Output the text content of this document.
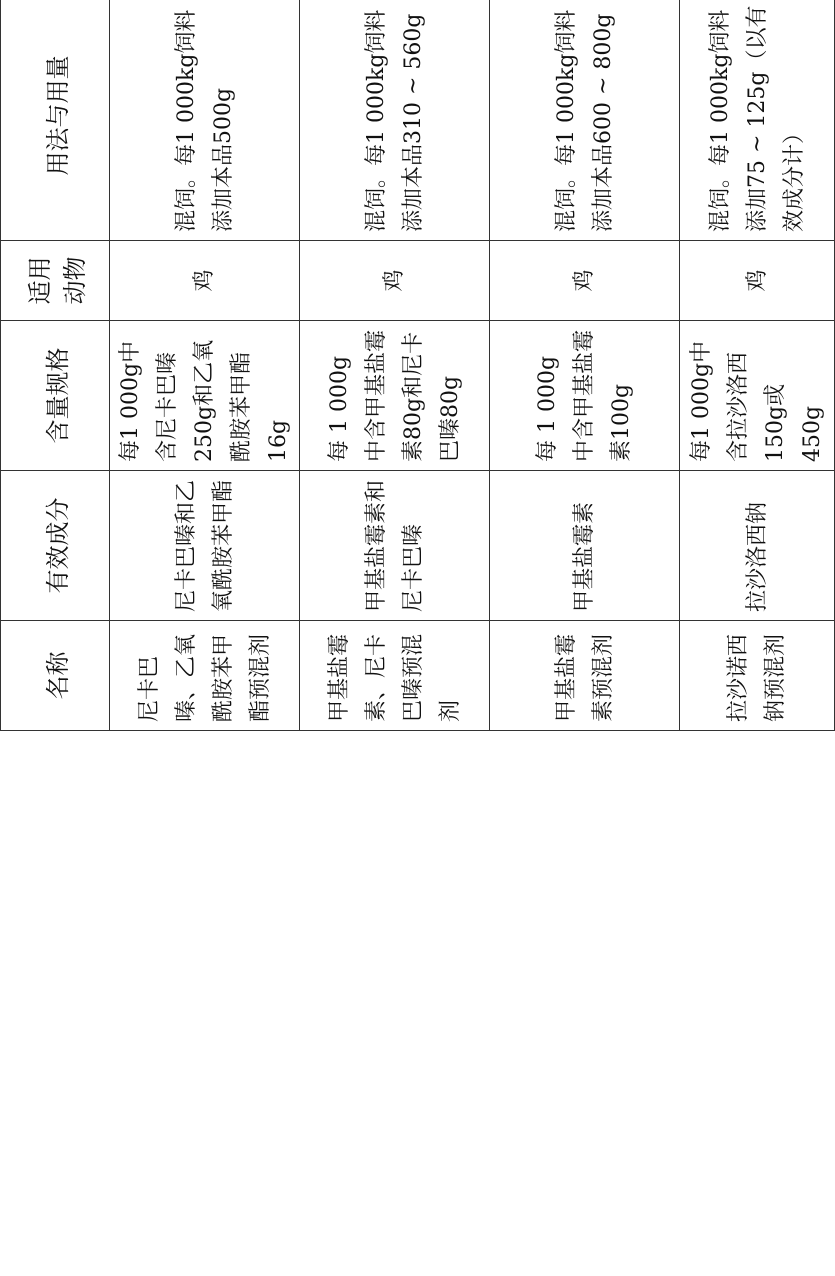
名称	有效成分	含量规格	适用动物	用法与用量			
尼卡巴嗪、乙氧酰胺苯甲酯预混剂	尼卡巴嗪和乙氧酰胺苯甲酯	每1 000g中含尼卡巴嗪250g和乙氧酰胺苯甲酯16g	鸡	混饲。每1 000kg饲料添加本品500g			
甲基盐霉素、尼卡巴嗪预混剂	甲基盐霉素和尼卡巴嗪	每 1 000g 中含甲基盐霉素80g和尼卡巴嗪80g	鸡	混饲。每1 000kg饲料添加本品310 ~ 560g			
甲基盐霉素预混剂	甲基盐霉素	每 1 000g 中含甲基盐霉素100g	鸡	混饲。每1 000kg饲料添加本品600 ~ 800g			
拉沙诺西钠预混剂	拉沙洛西钠	每1 000g中含拉沙洛西150g或450g	鸡	混饲。每1 000kg饲料添加75 ~ 125g（以有效成分计）			
